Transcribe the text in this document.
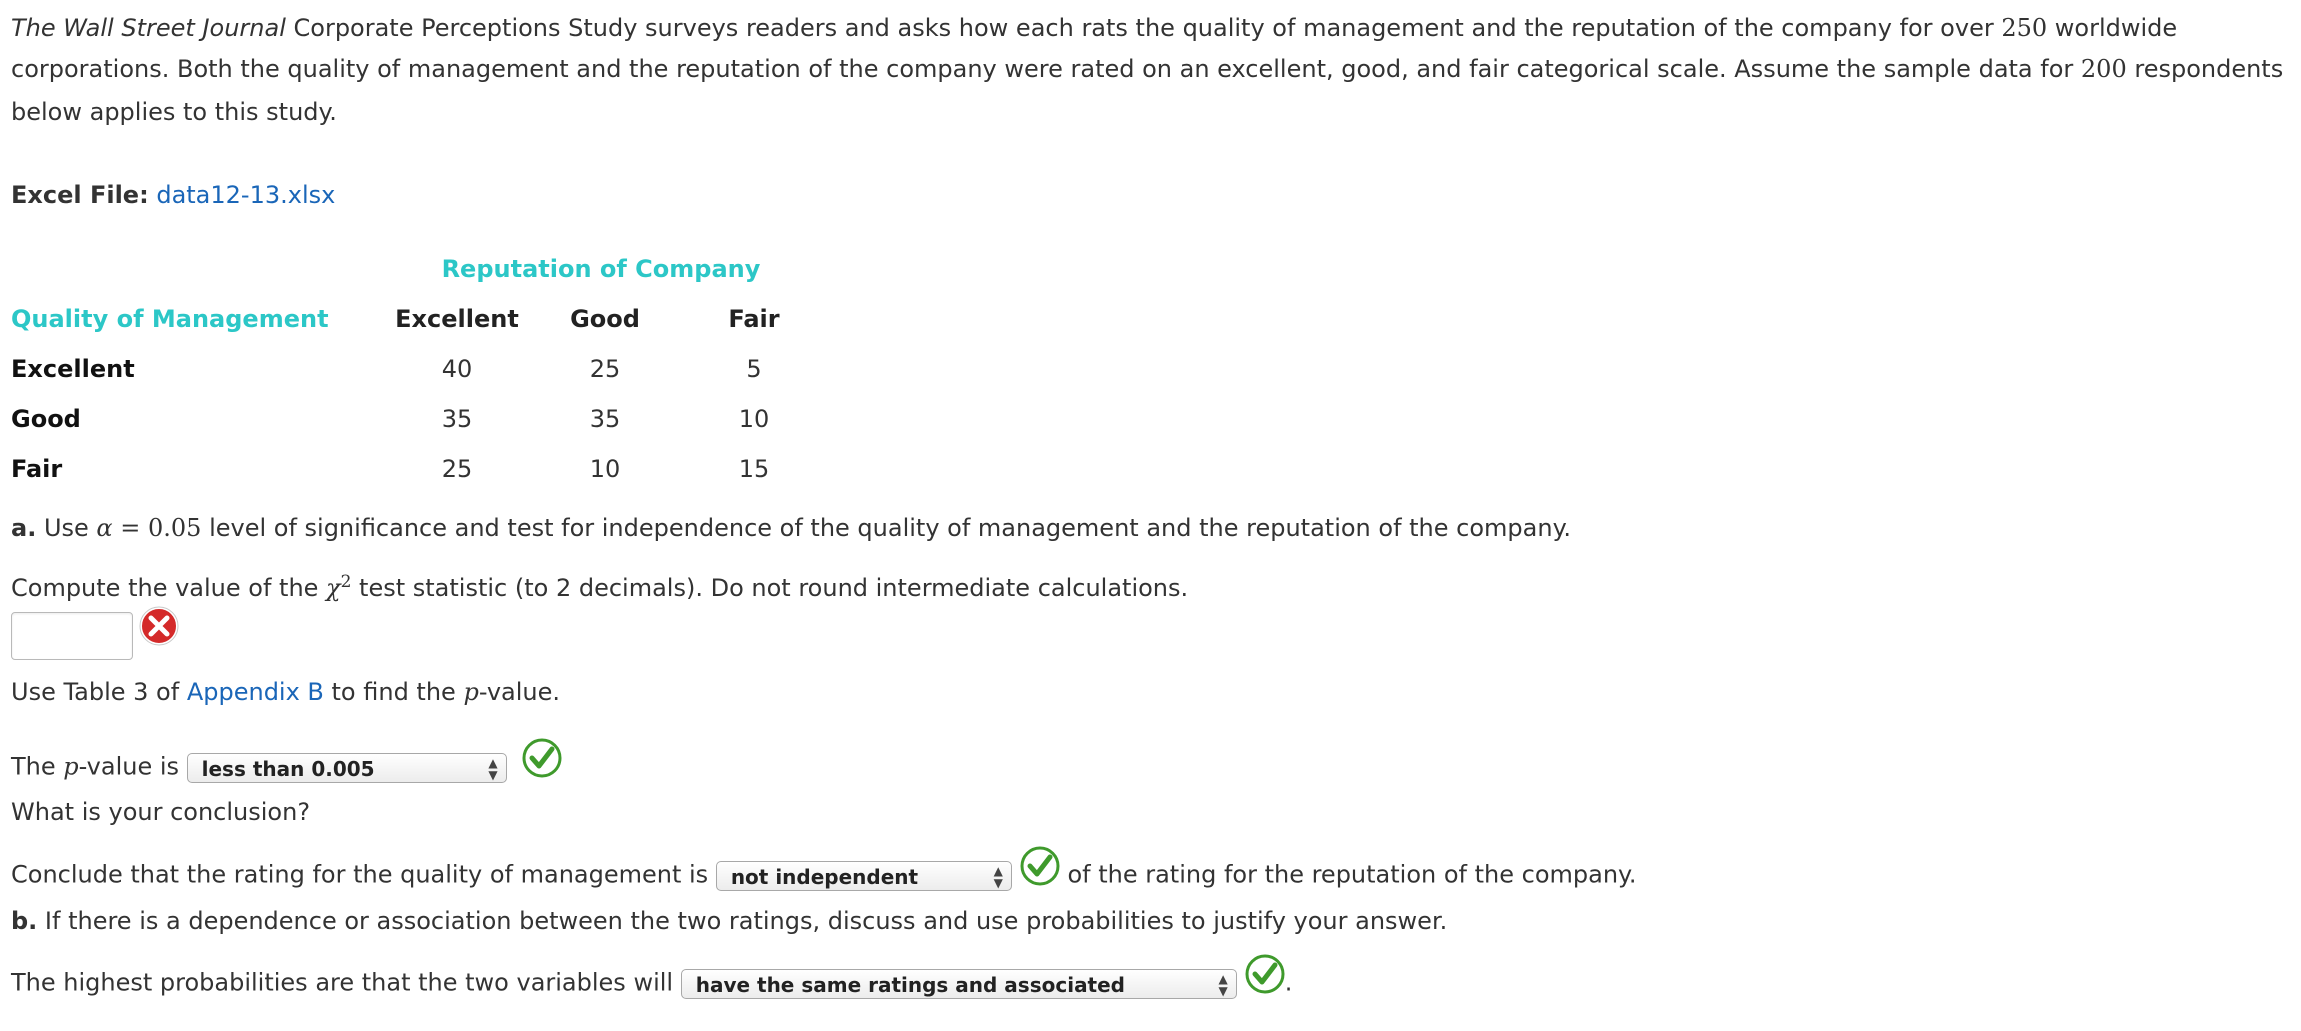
The Wall Street Journal Corporate Perceptions Study surveys readers and asks how each rats the quality of management and the reputation of the company for over 250 worldwide
corporations. Both the quality of management and the reputation of the company were rated on an excellent, good, and fair categorical scale. Assume the sample data for 200 respondents
below applies to this study.
Excel File: data12-13.xlsx
	Reputation of Company		
Quality of Management	Excellent	Good	Fair
Excellent	40	25	5
Good	35	35	10
Fair	25	10	15
a. Use α = 0.05 level of significance and test for independence of the quality of management and the reputation of the company.
Compute the value of the $\chi^2$ test statistic (to 2 decimals). Do not round intermediate calculations.
Use Table 3 of Appendix B to find the p-value.
The p-value is less than 0.005	▲
▼

What is your conclusion?
Conclude that the rating for the quality of management is not independent	▲
▼ of the rating for the reputation of the company.
b. If there is a dependence or association between the two ratings, discuss and use probabilities to justify your answer.
The highest probabilities are that the two variables will have the same ratings and associated	▲
▼ .
